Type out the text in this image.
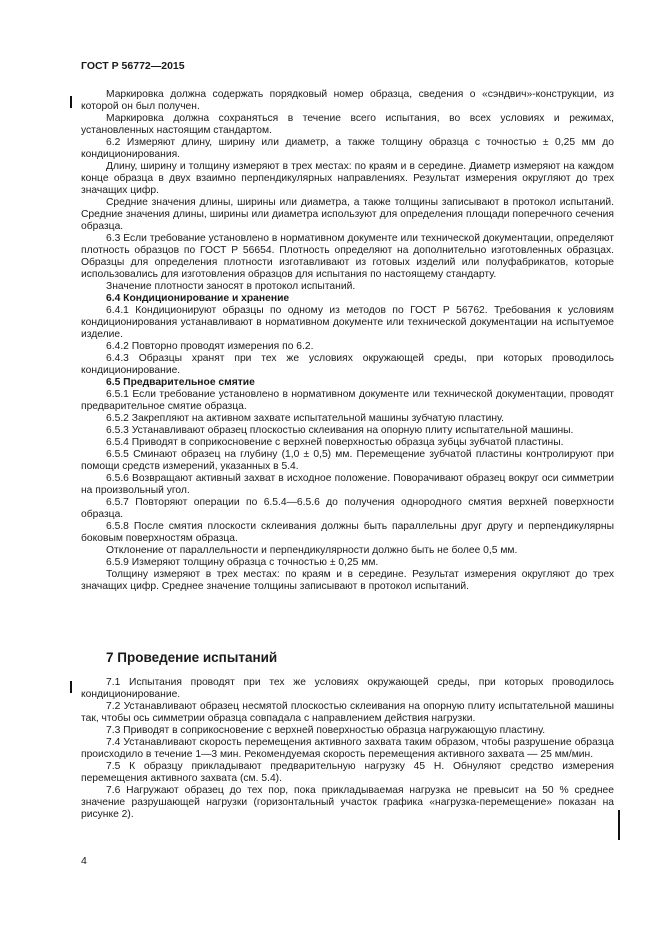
ГОСТ Р 56772—2015

Маркировка должна содержать порядковый номер образца, сведения о «сэндвич»-конструкции, из которой он был получен.

Маркировка должна сохраняться в течение всего испытания, во всех условиях и режимах, установленных настоящим стандартом.

6.2 Измеряют длину, ширину или диаметр, а также толщину образца с точностью ± 0,25 мм до кондиционирования.

Длину, ширину и толщину измеряют в трех местах: по краям и в середине. Диаметр измеряют на каждом конце образца в двух взаимно перпендикулярных направлениях. Результат измерения округляют до трех значащих цифр.

Средние значения длины, ширины или диаметра, а также толщины записывают в протокол испытаний. Средние значения длины, ширины или диаметра используют для определения площади поперечного сечения образца.

6.3 Если требование установлено в нормативном документе или технической документации, определяют плотность образцов по ГОСТ Р 56654. Плотность определяют на дополнительно изготовленных образцах. Образцы для определения плотности изготавливают из готовых изделий или полуфабрикатов, которые использовались для изготовления образцов для испытания по настоящему стандарту.

Значение плотности заносят в протокол испытаний.

6.4 Кондиционирование и хранение

6.4.1 Кондиционируют образцы по одному из методов по ГОСТ Р 56762. Требования к условиям кондиционирования устанавливают в нормативном документе или технической документации на испытуемое изделие.

6.4.2 Повторно проводят измерения по 6.2.

6.4.3 Образцы хранят при тех же условиях окружающей среды, при которых проводилось кондиционирование.

6.5 Предварительное смятие

6.5.1 Если требование установлено в нормативном документе или технической документации, проводят предварительное смятие образца.

6.5.2 Закрепляют на активном захвате испытательной машины зубчатую пластину.

6.5.3 Устанавливают образец плоскостью склеивания на опорную плиту испытательной машины.

6.5.4 Приводят в соприкосновение с верхней поверхностью образца зубцы зубчатой пластины.

6.5.5 Сминают образец на глубину (1,0 ± 0,5) мм. Перемещение зубчатой пластины контролируют при помощи средств измерений, указанных в 5.4.

6.5.6 Возвращают активный захват в исходное положение. Поворачивают образец вокруг оси симметрии на произвольный угол.

6.5.7 Повторяют операции по 6.5.4—6.5.6 до получения однородного смятия верхней поверхности образца.

6.5.8 После смятия плоскости склеивания должны быть параллельны друг другу и перпендикулярны боковым поверхностям образца.

Отклонение от параллельности и перпендикулярности должно быть не более 0,5 мм.

6.5.9 Измеряют толщину образца с точностью ± 0,25 мм.

Толщину измеряют в трех местах: по краям и в середине. Результат измерения округляют до трех значащих цифр. Среднее значение толщины записывают в протокол испытаний.

7 Проведение испытаний

7.1 Испытания проводят при тех же условиях окружающей среды, при которых проводилось кондиционирование.

7.2 Устанавливают образец несмятой плоскостью склеивания на опорную плиту испытательной машины так, чтобы ось симметрии образца совпадала с направлением действия нагрузки.

7.3 Приводят в соприкосновение с верхней поверхностью образца нагружающую пластину.

7.4 Устанавливают скорость перемещения активного захвата таким образом, чтобы разрушение образца происходило в течение 1—3 мин. Рекомендуемая скорость перемещения активного захвата — 25 мм/мин.

7.5 К образцу прикладывают предварительную нагрузку 45 Н. Обнуляют средство измерения перемещения активного захвата (см. 5.4).

7.6 Нагружают образец до тех пор, пока прикладываемая нагрузка не превысит на 50 % среднее значение разрушающей нагрузки (горизонтальный участок графика «нагрузка-перемещение» показан на рисунке 2).

4
